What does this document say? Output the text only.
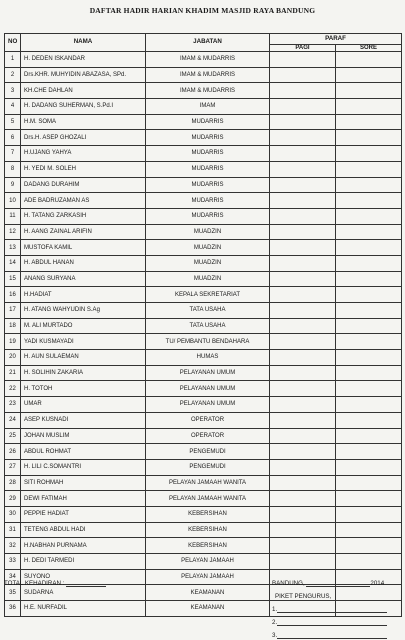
DAFTAR HADIR HARIAN KHADIM MASJID RAYA BANDUNG
NO	NAMA	JABATAN	PARAF	
			PAGI	SORE
1	H. DEDEN ISKANDAR	IMAM & MUDARRIS		
2	Drs.KHR. MUHYIDIN ABAZASA, SPd.	IMAM & MUDARRIS		
3	KH.CHE DAHLAN	IMAM & MUDARRIS		
4	H. DADANG SUHERMAN, S.Pd.I	IMAM		
5	H.M. SOMA	MUDARRIS		
6	Drs.H. ASEP GHOZALI	MUDARRIS		
7	H.UJANG YAHYA	MUDARRIS		
8	H. YEDI M. SOLEH	MUDARRIS		
9	DADANG DURAHIM	MUDARRIS		
10	ADE BADRUZAMAN AS	MUDARRIS		
11	H. TATANG ZARKASIH	MUDARRIS		
12	H. AANG ZAINAL ARIFIN	MUADZIN		
13	MUSTOFA KAMIL	MUADZIN		
14	H. ABDUL HANAN	MUADZIN		
15	ANANG SURYANA	MUADZIN		
16	H.HADIAT	KEPALA SEKRETARIAT		
17	H. ATANG WAHYUDIN S.Ag	TATA USAHA		
18	M. ALI MURTADO	TATA USAHA		
19	YADI KUSMAYADI	TU/ PEMBANTU BENDAHARA		
20	H. AUN SULAEMAN	HUMAS		
21	H. SOLIHIN ZAKARIA	PELAYANAN UMUM		
22	H. TOTOH	PELAYANAN UMUM		
23	UMAR	PELAYANAN UMUM		
24	ASEP KUSNADI	OPERATOR		
25	JOHAN MUSLIM	OPERATOR		
26	ABDUL ROHMAT	PENGEMUDI		
27	H. LILI C.SOMANTRI	PENGEMUDI		
28	SITI ROHMAH	PELAYAN JAMAAH WANITA		
29	DEWI FATIMAH	PELAYAN JAMAAH WANITA		
30	PEPPIE HADIAT	KEBERSIHAN		
31	TETENG ABDUL HADI	KEBERSIHAN		
32	H.NABHAN PURNAMA	KEBERSIHAN		
33	H. DEDI TARMEDI	PELAYAN JAMAAH		
34	SUYONO	PELAYAN JAMAAH		
35	SUDARNA	KEAMANAN		
36	H.E. NURFADIL	KEAMANAN		
TOTAL KEHADIRAN :	BANDUNG,	2014
PIKET PENGURUS,
1.
2.
3.
